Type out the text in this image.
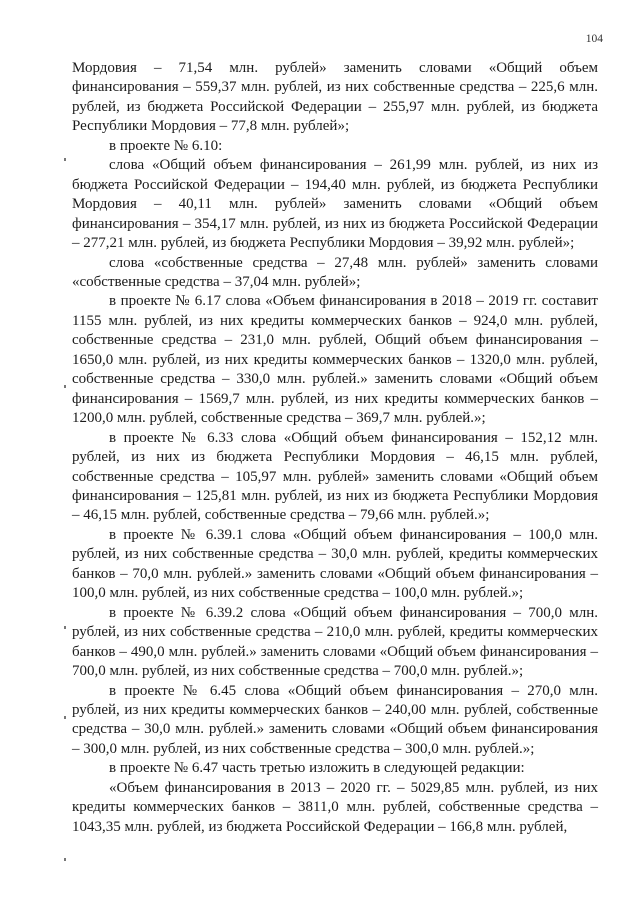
104

Мордовия – 71,54 млн. рублей» заменить словами «Общий объем финансирования – 559,37 млн. рублей, из них собственные средства – 225,6 млн. рублей, из бюджета Российской Федерации – 255,97 млн. рублей, из бюджета Республики Мордовия – 77,8 млн. рублей»;

в проекте № 6.10:

слова «Общий объем финансирования – 261,99 млн. рублей, из них из бюджета Российской Федерации – 194,40 млн. рублей, из бюджета Республики Мордовия – 40,11 млн. рублей» заменить словами «Общий объем финансирования – 354,17 млн. рублей, из них из бюджета Российской Федерации – 277,21 млн. рублей, из бюджета Республики Мордовия – 39,92 млн. рублей»;

слова «собственные средства – 27,48 млн. рублей» заменить словами «собственные средства – 37,04 млн. рублей»;

в проекте № 6.17 слова «Объем финансирования в 2018 – 2019 гг. составит 1155 млн. рублей, из них кредиты коммерческих банков – 924,0 млн. рублей, собственные средства – 231,0 млн. рублей, Общий объем финансирования – 1650,0 млн. рублей, из них кредиты коммерческих банков – 1320,0 млн. рублей, собственные средства – 330,0 млн. рублей.» заменить словами «Общий объем финансирования – 1569,7 млн. рублей, из них кредиты коммерческих банков – 1200,0 млн. рублей, собственные средства – 369,7 млн. рублей.»;

в проекте № 6.33 слова «Общий объем финансирования – 152,12 млн. рублей, из них из бюджета Республики Мордовия – 46,15 млн. рублей, собственные средства – 105,97 млн. рублей» заменить словами «Общий объем финансирования – 125,81 млн. рублей, из них из бюджета Республики Мордовия – 46,15 млн. рублей, собственные средства – 79,66 млн. рублей.»;

в проекте № 6.39.1 слова «Общий объем финансирования – 100,0 млн. рублей, из них собственные средства – 30,0 млн. рублей, кредиты коммерческих банков – 70,0 млн. рублей.» заменить словами «Общий объем финансирования – 100,0 млн. рублей, из них собственные средства – 100,0 млн. рублей.»;

в проекте № 6.39.2 слова «Общий объем финансирования – 700,0 млн. рублей, из них собственные средства – 210,0 млн. рублей, кредиты коммерческих банков – 490,0 млн. рублей.» заменить словами «Общий объем финансирования – 700,0 млн. рублей, из них собственные средства – 700,0 млн. рублей.»;

в проекте № 6.45 слова «Общий объем финансирования – 270,0 млн. рублей, из них кредиты коммерческих банков – 240,00 млн. рублей, собственные средства – 30,0 млн. рублей.» заменить словами «Общий объем финансирования – 300,0 млн. рублей, из них собственные средства – 300,0 млн. рублей.»;

в проекте № 6.47 часть третью изложить в следующей редакции:

«Объем финансирования в 2013 – 2020 гг. – 5029,85 млн. рублей, из них кредиты коммерческих банков – 3811,0 млн. рублей, собственные средства – 1043,35 млн. рублей, из бюджета Российской Федерации – 166,8 млн. рублей,
